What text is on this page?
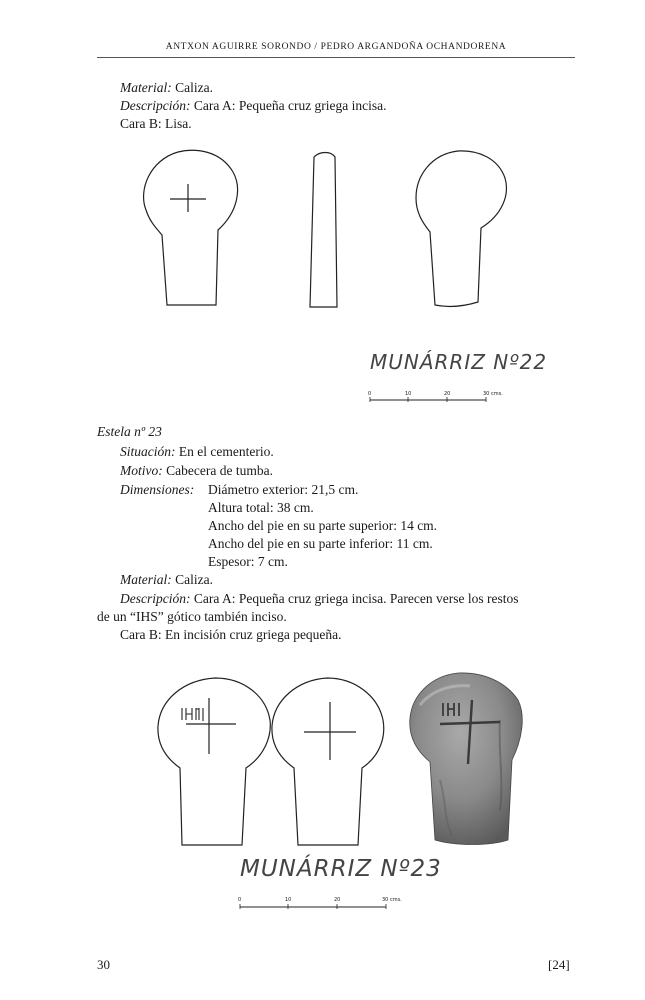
ANTXON AGUIRRE SORONDO / PEDRO ARGANDOÑA OCHANDORENA
Material: Caliza.
Descripción: Cara A: Pequeña cruz griega incisa.
Cara B: Lisa.
MUNÁRRIZ Nº22
0	10	20	30 cms.
Estela nº 23
Situación: En el cementerio.
Motivo: Cabecera de tumba.
Dimensiones: Diámetro exterior: 21,5 cm.
Altura total: 38 cm.
Ancho del pie en su parte superior: 14 cm.
Ancho del pie en su parte inferior: 11 cm.
Espesor: 7 cm.
Material: Caliza.
Descripción: Cara A: Pequeña cruz griega incisa. Parecen verse los restos
de un “IHS” gótico también inciso.
Cara B: En incisión cruz griega pequeña.
MUNÁRRIZ Nº23
0	10	20	30 cms.
30	[24]
